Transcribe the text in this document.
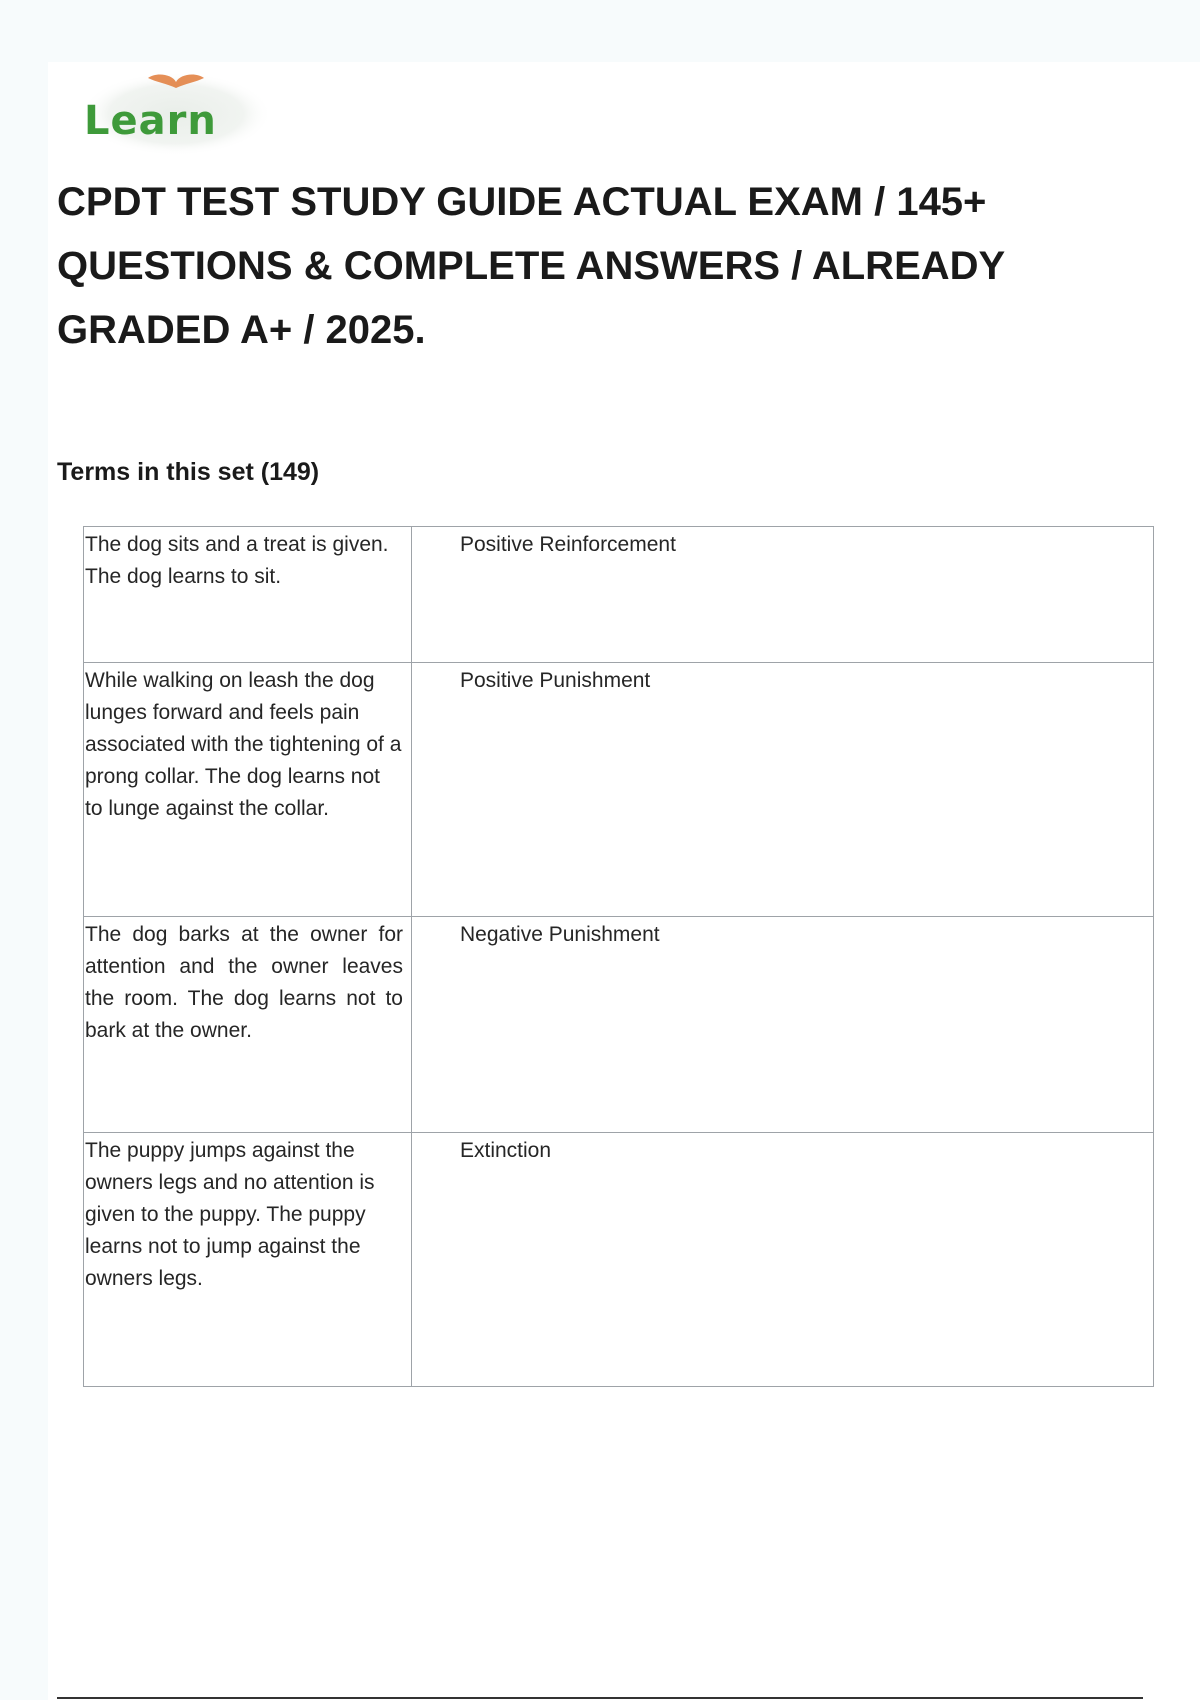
Learn
CPDT TEST STUDY GUIDE ACTUAL EXAM / 145+ QUESTIONS & COMPLETE ANSWERS / ALREADY GRADED A+ / 2025.
Terms in this set (149)
The dog sits and a treat is given. The dog learns to sit.	Positive Reinforcement
While walking on leash the dog lunges forward and feels pain associated with the tightening of a prong collar. The dog learns not to lunge against the collar.	Positive Punishment
The dog barks at the owner for attention and the owner leaves the room. The dog learns not to bark at the owner.	Negative Punishment
The puppy jumps against the owners legs and no attention is given to the puppy. The puppy learns not to jump against the owners legs.	Extinction
